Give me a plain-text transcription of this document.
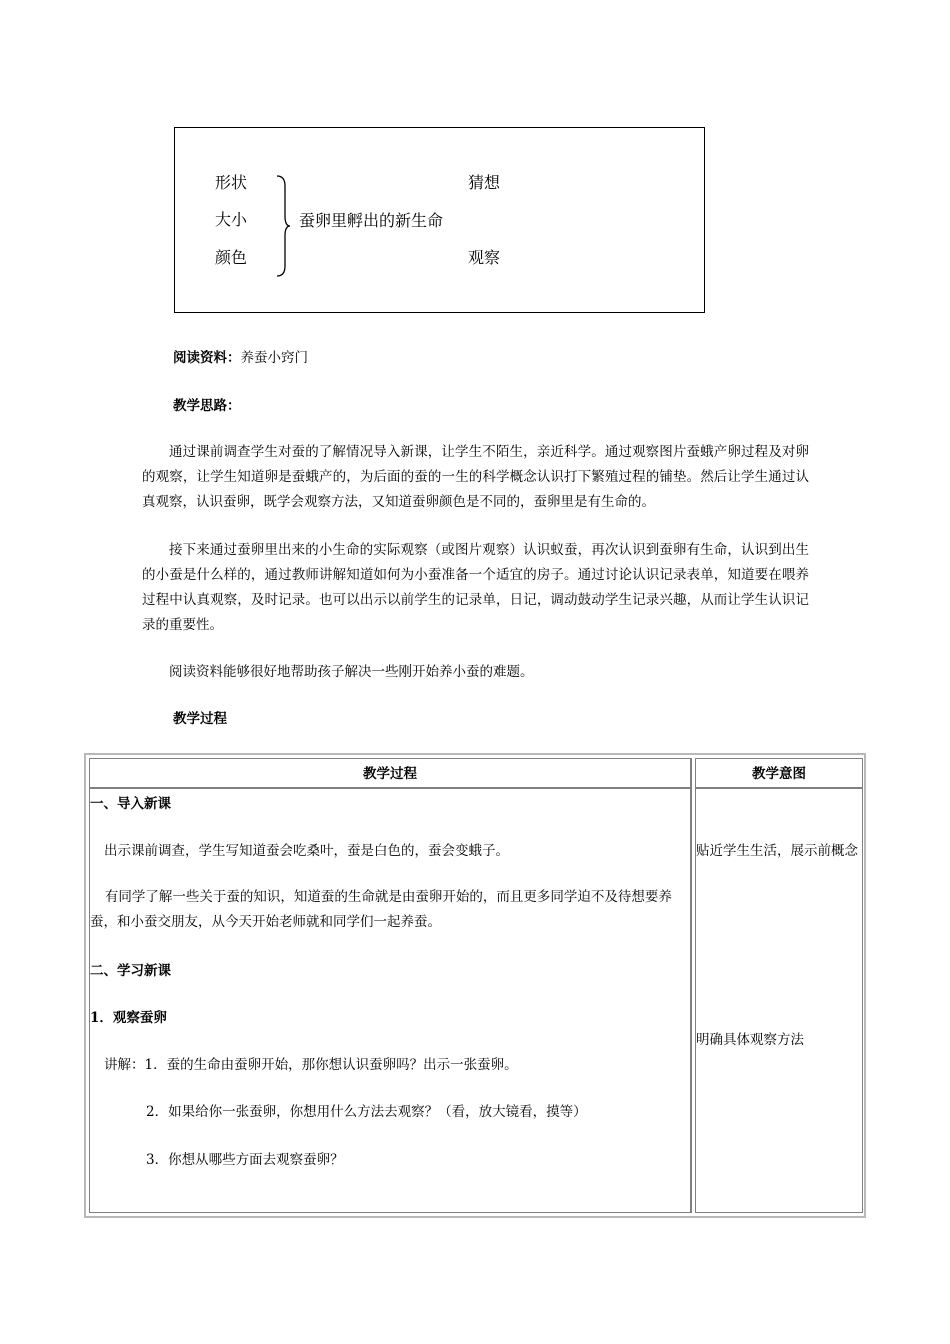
形状
大小
颜色
蚕卵里孵出的新生命
猜想
观察
阅读资料：养蚕小窍门
教学思路：
通过课前调查学生对蚕的了解情况导入新课，让学生不陌生，亲近科学。通过观察图片蚕蛾产卵过程及对卵的观察，让学生知道卵是蚕蛾产的，为后面的蚕的一生的科学概念认识打下繁殖过程的铺垫。然后让学生通过认真观察，认识蚕卵，既学会观察方法，又知道蚕卵颜色是不同的，蚕卵里是有生命的。
接下来通过蚕卵里出来的小生命的实际观察（或图片观察）认识蚁蚕，再次认识到蚕卵有生命，认识到出生的小蚕是什么样的，通过教师讲解知道如何为小蚕准备一个适宜的房子。通过讨论认识记录表单，知道要在喂养过程中认真观察，及时记录。也可以出示以前学生的记录单，日记，调动鼓动学生记录兴趣，从而让学生认识记录的重要性。
阅读资料能够很好地帮助孩子解决一些刚开始养小蚕的难题。
教学过程
教学过程	教学意图
一、导入新课
出示课前调查，学生写知道蚕会吃桑叶，蚕是白色的，蚕会变蛾子。
有同学了解一些关于蚕的知识，知道蚕的生命就是由蚕卵开始的，而且更多同学迫不及待想要养蚕，和小蚕交朋友，从今天开始老师就和同学们一起养蚕。
二、学习新课
1．观察蚕卵
讲解：1．蚕的生命由蚕卵开始，那你想认识蚕卵吗？出示一张蚕卵。
2．如果给你一张蚕卵，你想用什么方法去观察？（看，放大镜看，摸等）
3．你想从哪些方面去观察蚕卵？
贴近学生生活，展示前概念
明确具体观察方法
